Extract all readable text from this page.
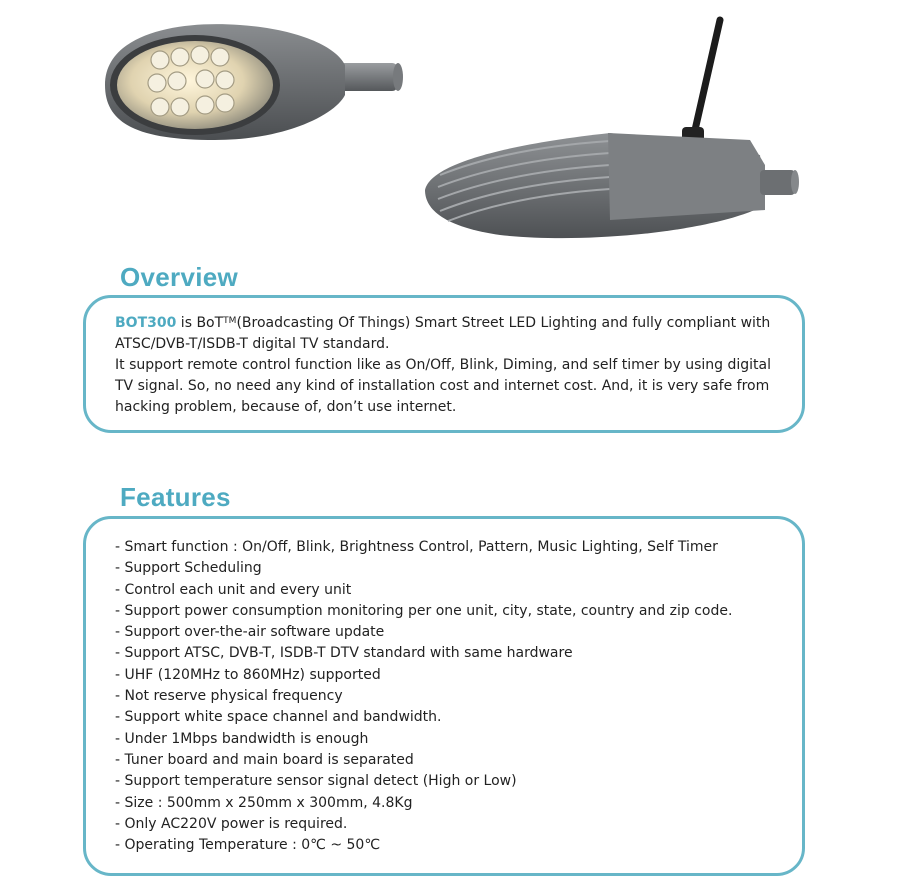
Overview

BOT300 is BoT™(Broadcasting Of Things) Smart Street LED Lighting and fully compliant with
ATSC/DVB-T/ISDB-T digital TV standard.
It support remote control function like as On/Off, Blink, Diming, and self timer by using digital
TV signal. So, no need any kind of installation cost and internet cost. And, it is very safe from
hacking problem, because of, don’t use internet.

Features
- Smart function : On/Off, Blink, Brightness Control, Pattern, Music Lighting, Self Timer
- Support Scheduling
- Control each unit and every unit
- Support power consumption monitoring per one unit, city, state, country and zip code.
- Support over-the-air software update
- Support ATSC, DVB-T, ISDB-T DTV standard with same hardware
- UHF (120MHz to 860MHz) supported
- Not reserve physical frequency
- Support white space channel and bandwidth.
- Under 1Mbps bandwidth is enough
- Tuner board and main board is separated
- Support temperature sensor signal detect (High or Low)
- Size : 500mm x 250mm x 300mm, 4.8Kg
- Only AC220V power is required.
- Operating Temperature : 0℃ ~ 50℃
